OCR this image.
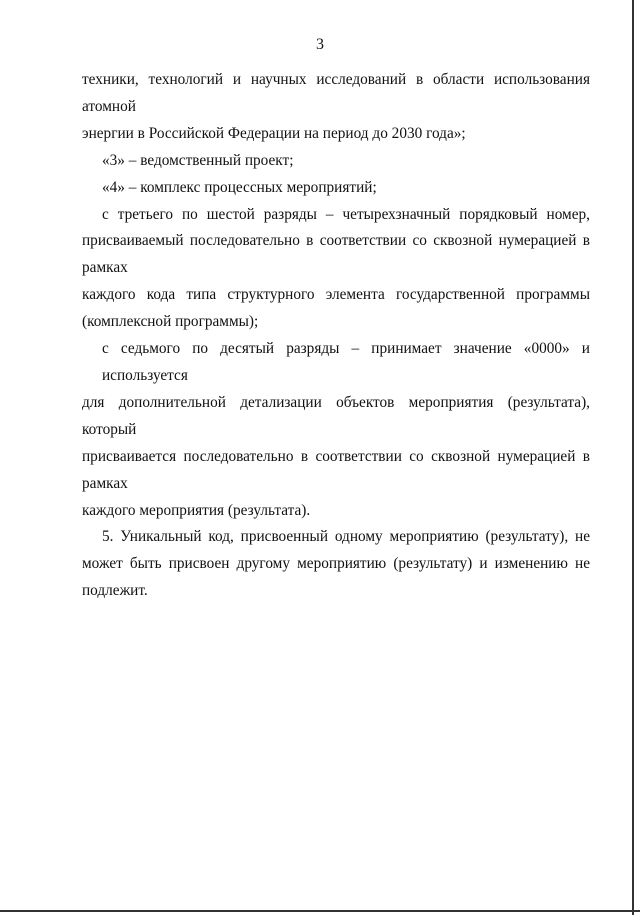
3
техники, технологий и научных исследований в области использования атомной
энергии в Российской Федерации на период до 2030 года»;
«3» – ведомственный проект;
«4» – комплекс процессных мероприятий;
с третьего по шестой разряды – четырехзначный порядковый номер,
присваиваемый последовательно в соответствии со сквозной нумерацией в рамках
каждого кода типа структурного элемента государственной программы
(комплексной программы);
с седьмого по десятый разряды – принимает значение «0000» и используется
для дополнительной детализации объектов мероприятия (результата), который
присваивается последовательно в соответствии со сквозной нумерацией в рамках
каждого мероприятия (результата).
5. Уникальный код, присвоенный одному мероприятию (результату), не
может быть присвоен другому мероприятию (результату) и изменению не
подлежит.
